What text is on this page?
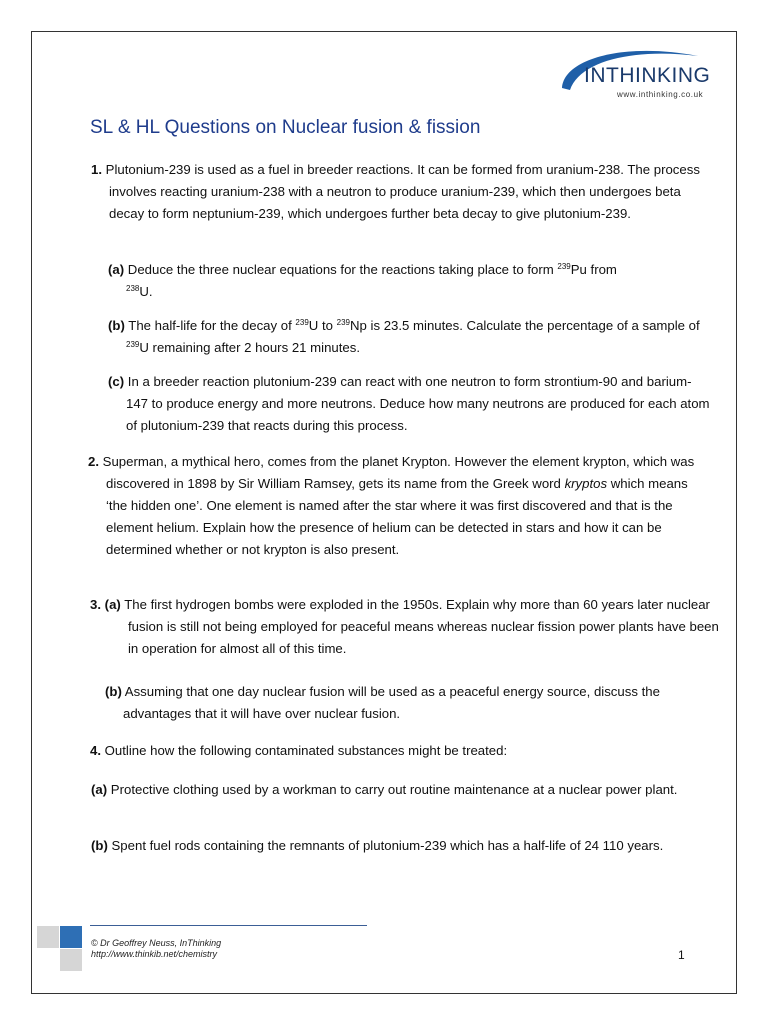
INTHINKING
www.inthinking.co.uk
SL & HL Questions on Nuclear fusion & fission
1. Plutonium-239 is used as a fuel in breeder reactions. It can be formed from uranium-238. The process involves reacting uranium-238 with a neutron to produce uranium-239, which then undergoes beta decay to form neptunium-239, which undergoes further beta decay to give plutonium-239.
(a) Deduce the three nuclear equations for the reactions taking place to form $^{239}$Pu from
$^{238}$U.
(b) The half-life for the decay of $^{239}$U to $^{239}$Np is 23.5 minutes. Calculate the percentage of a sample of $^{239}$U remaining after 2 hours 21 minutes.
(c) In a breeder reaction plutonium-239 can react with one neutron to form strontium-90 and barium-147 to produce energy and more neutrons. Deduce how many neutrons are produced for each atom of plutonium-239 that reacts during this process.
2. Superman, a mythical hero, comes from the planet Krypton. However the element krypton, which was discovered in 1898 by Sir William Ramsey, gets its name from the Greek word kryptos which means ‘the hidden one’. One element is named after the star where it was first discovered and that is the element helium. Explain how the presence of helium can be detected in stars and how it can be determined whether or not krypton is also present.
3. (a) The first hydrogen bombs were exploded in the 1950s. Explain why more than 60 years later nuclear fusion is still not being employed for peaceful means whereas nuclear fission power plants have been in operation for almost all of this time.
(b) Assuming that one day nuclear fusion will be used as a peaceful energy source, discuss the advantages that it will have over nuclear fusion.
4. Outline how the following contaminated substances might be treated:
(a) Protective clothing used by a workman to carry out routine maintenance at a nuclear power plant.
(b) Spent fuel rods containing the remnants of plutonium-239 which has a half-life of 24 110 years.
© Dr Geoffrey Neuss, InThinking
http://www.thinkib.net/chemistry	1
